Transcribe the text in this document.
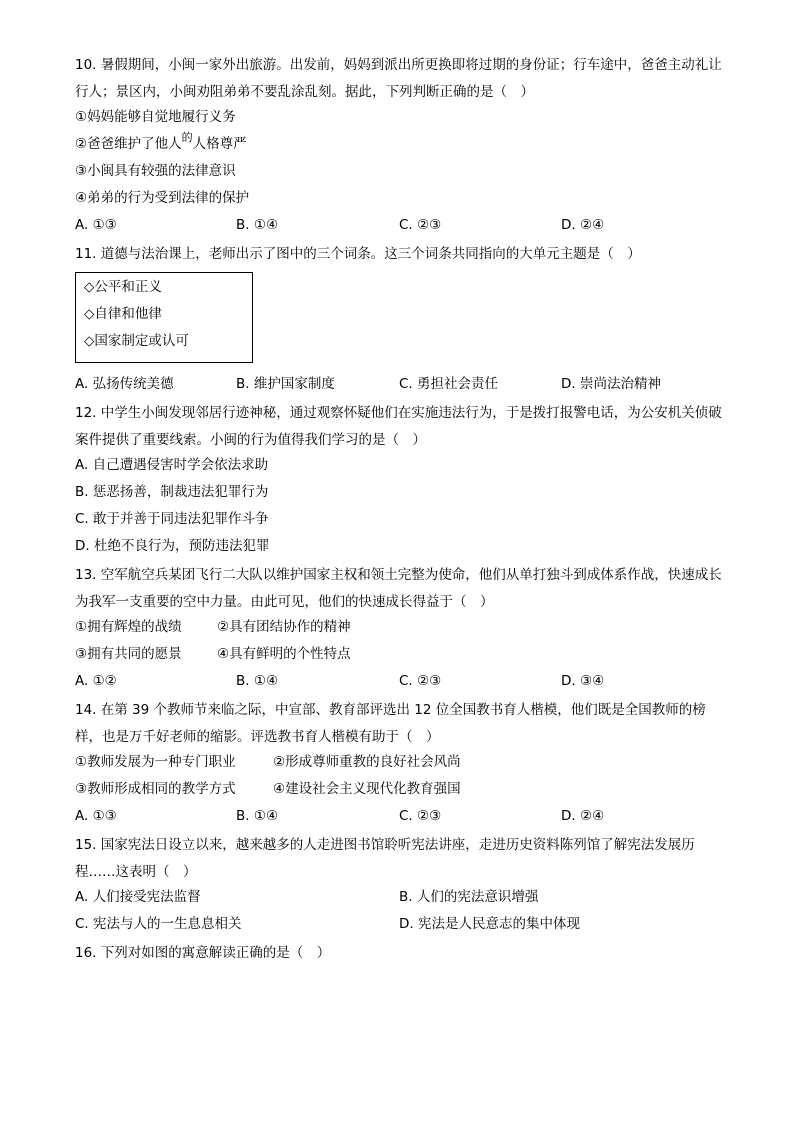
10. 暑假期间，小闽一家外出旅游。出发前，妈妈到派出所更换即将过期的身份证；行车途中，爸爸主动礼让行人；景区内，小闽劝阻弟弟不要乱涂乱刻。据此，下列判断正确的是（　）
①妈妈能够自觉地履行义务
②爸爸维护了他人$^的$人格尊严
③小闽具有较强的法律意识
④弟弟的行为受到法律的保护
A. ①③	B. ①④	C. ②③	D. ②④
11. 道德与法治课上，老师出示了图中的三个词条。这三个词条共同指向的大单元主题是（　）
◇公平和正义
◇自律和他律
◇国家制定或认可
A. 弘扬传统美德	B. 维护国家制度	C. 勇担社会责任	D. 崇尚法治精神
12. 中学生小闽发现邻居行迹神秘，通过观察怀疑他们在实施违法行为，于是拨打报警电话，为公安机关侦破案件提供了重要线索。小闽的行为值得我们学习的是（　）
A. 自己遭遇侵害时学会依法求助
B. 惩恶扬善，制裁违法犯罪行为
C. 敢于并善于同违法犯罪作斗争
D. 杜绝不良行为，预防违法犯罪
13. 空军航空兵某团飞行二大队以维护国家主权和领土完整为使命，他们从单打独斗到成体系作战，快速成长为我军一支重要的空中力量。由此可见，他们的快速成长得益于（　）
①拥有辉煌的战绩	②具有团结协作的精神
③拥有共同的愿景	④具有鲜明的个性特点
A. ①②	B. ①④	C. ②③	D. ③④
14. 在第 39 个教师节来临之际，中宣部、教育部评选出 12 位全国教书育人楷模，他们既是全国教师的榜样，也是万千好老师的缩影。评选教书育人楷模有助于（　）
①教师发展为一种专门职业	②形成尊师重教的良好社会风尚
③教师形成相同的教学方式	④建设社会主义现代化教育强国
A. ①③	B. ①④	C. ②③	D. ②④
15. 国家宪法日设立以来，越来越多的人走进图书馆聆听宪法讲座，走进历史资料陈列馆了解宪法发展历程……这表明（　）
A. 人们接受宪法监督	B. 人们的宪法意识增强
C. 宪法与人的一生息息相关	D. 宪法是人民意志的集中体现
16. 下列对如图的寓意解读正确的是（　）
